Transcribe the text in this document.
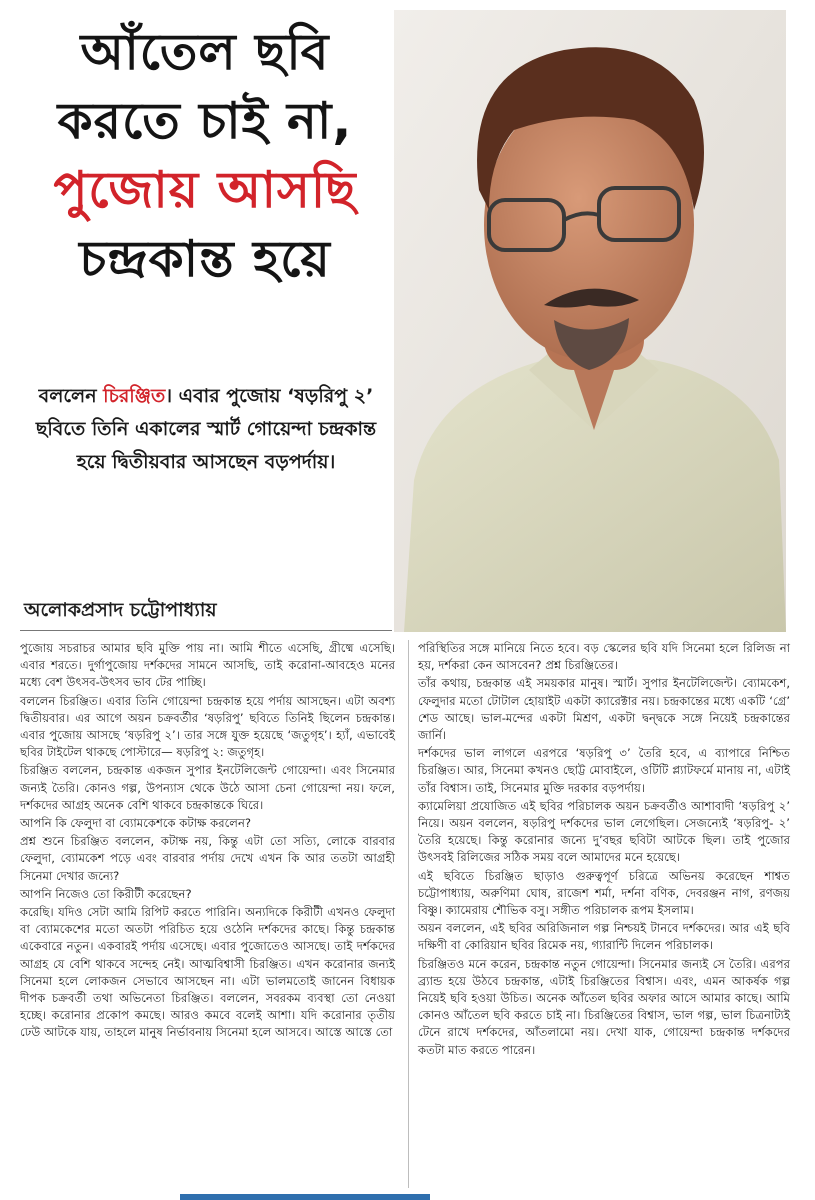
আঁতেল ছবি
করতে চাই না,
পুজোয় আসছি
চন্দ্রকান্ত হয়ে
বললেন চিরঞ্জিত। এবার পুজোয় ‘ষড়রিপু ২’ ছবিতে তিনি একালের স্মার্ট গোয়েন্দা চন্দ্রকান্ত হয়ে দ্বিতীয়বার আসছেন বড়পর্দায়।
অলোকপ্রসাদ চট্টোপাধ্যায়

পুজোয় সচরাচর আমার ছবি মুক্তি পায় না। আমি শীতে এসেছি, গ্রীষ্মে এসেছি। এবার শরতে। দুর্গাপুজোয় দর্শকদের সামনে আসছি, তাই করোনা-আবহেও মনের মধ্যে বেশ উৎসব-উৎসব ভাব টের পাচ্ছি।

বললেন চিরঞ্জিত। এবার তিনি গোয়েন্দা চন্দ্রকান্ত হয়ে পর্দায় আসছেন। এটা অবশ্য দ্বিতীয়বার। এর আগে অয়ন চক্রবর্তীর ‘ষড়রিপু’ ছবিতে তিনিই ছিলেন চন্দ্রকান্ত। এবার পুজোয় আসছে ‘ষড়রিপু ২’। তার সঙ্গে যুক্ত হয়েছে ‘জতুগৃহ’। হ্যাঁ, এভাবেই ছবির টাইটেল থাকছে পোস্টারে— ষড়রিপু ২: জতুগৃহ।

চিরঞ্জিত বললেন, চন্দ্রকান্ত একজন সুপার ইনটেলিজেন্ট গোয়েন্দা। এবং সিনেমার জন্যই তৈরি। কোনও গল্প, উপন্যাস থেকে উঠে আসা চেনা গোয়েন্দা নয়। ফলে, দর্শকদের আগ্রহ অনেক বেশি থাকবে চন্দ্রকান্তকে ঘিরে।

আপনি কি ফেলুদা বা ব্যোমকেশকে কটাক্ষ করলেন?

প্রশ্ন শুনে চিরঞ্জিত বললেন, কটাক্ষ নয়, কিন্তু এটা তো সত্যি, লোকে বারবার ফেলুদা, ব্যোমকেশ পড়ে এবং বারবার পর্দায় দেখে এখন কি আর ততটা আগ্রহী সিনেমা দেখার জন্যে?

আপনি নিজেও তো কিরীটী করেছেন?

করেছি। যদিও সেটা আমি রিপিট করতে পারিনি। অন্যদিকে কিরীটী এখনও ফেলুদা বা ব্যোমকেশের মতো অতটা পরিচিত হয়ে ওঠেনি দর্শকদের কাছে। কিন্তু চন্দ্রকান্ত একেবারে নতুন। একবারই পর্দায় এসেছে। এবার পুজোতেও আসছে। তাই দর্শকদের আগ্রহ যে বেশি থাকবে সন্দেহ নেই। আত্মবিশ্বাসী চিরঞ্জিত। এখন করোনার জন্যই সিনেমা হলে লোকজন সেভাবে আসছেন না। এটা ভালমতোই জানেন বিধায়ক দীপক চক্রবর্তী তথা অভিনেতা চিরঞ্জিত। বললেন, সবরকম ব্যবস্থা তো নেওয়া হচ্ছে। করোনার প্রকোপ কমছে। আরও কমবে বলেই আশা। যদি করোনার তৃতীয় ঢেউ আটকে যায়, তাহলে মানুষ নির্ভাবনায় সিনেমা হলে আসবে। আস্তে আস্তে তো

পরিস্থিতির সঙ্গে মানিয়ে নিতে হবে। বড় স্কেলের ছবি যদি সিনেমা হলে রিলিজ না হয়, দর্শকরা কেন আসবেন? প্রশ্ন চিরঞ্জিতের।

তাঁর কথায়, চন্দ্রকান্ত এই সময়কার মানুষ। স্মার্ট। সুপার ইনটেলিজেন্ট। ব্যোমকেশ, ফেলুদার মতো টোটাল হোয়াইট একটা ক্যারেক্টার নয়। চন্দ্রকান্তের মধ্যে একটি ‘গ্রে’ শেড আছে। ভাল-মন্দের একটা মিশ্রণ, একটা দ্বন্দ্বকে সঙ্গে নিয়েই চন্দ্রকান্তের জার্নি।

দর্শকদের ভাল লাগলে এরপরে ‘ষড়রিপু ৩’ তৈরি হবে, এ ব্যাপারে নিশ্চিত চিরঞ্জিত। আর, সিনেমা কখনও ছোট্ট মোবাইলে, ওটিটি প্ল্যাটফর্মে মানায় না, এটাই তাঁর বিশ্বাস। তাই, সিনেমার মুক্তি দরকার বড়পর্দায়।

ক্যামেলিয়া প্রযোজিত এই ছবির পরিচালক অয়ন চক্রবর্তীও আশাবাদী ‘ষড়রিপু ২’ নিয়ে। অয়ন বললেন, ষড়রিপু দর্শকদের ভাল লেগেছিল। সেজন্যেই ‘ষড়রিপু- ২’ তৈরি হয়েছে। কিন্তু করোনার জন্যে দু’বছর ছবিটা আটকে ছিল। তাই পুজোর উৎসবই রিলিজের সঠিক সময় বলে আমাদের মনে হয়েছে।

এই ছবিতে চিরঞ্জিত ছাড়াও গুরুত্বপূর্ণ চরিত্রে অভিনয় করেছেন শাশ্বত চট্টোপাধ্যায়, অরুণিমা ঘোষ, রাজেশ শর্মা, দর্শনা বণিক, দেবরঞ্জন নাগ, রণজয় বিষ্ণু। ক্যামেরায় শৌভিক বসু। সঙ্গীত পরিচালক রূপম ইসলাম।

অয়ন বললেন, এই ছবির অরিজিনাল গল্প নিশ্চয়ই টানবে দর্শকদের। আর এই ছবি দক্ষিণী বা কোরিয়ান ছবির রিমেক নয়, গ্যারান্টি দিলেন পরিচালক।

চিরঞ্জিতও মনে করেন, চন্দ্রকান্ত নতুন গোয়েন্দা। সিনেমার জন্যই সে তৈরি। এরপর ব্র্যান্ড হয়ে উঠবে চন্দ্রকান্ত, এটাই চিরঞ্জিতের বিশ্বাস। এবং, এমন আকর্ষক গল্প নিয়েই ছবি হওয়া উচিত। অনেক আঁতেল ছবির অফার আসে আমার কাছে। আমি কোনও আঁতেল ছবি করতে চাই না। চিরঞ্জিতের বিশ্বাস, ভাল গল্প, ভাল চিত্রনাট্যই টেনে রাখে দর্শকদের, আঁতলামো নয়। দেখা যাক, গোয়েন্দা চন্দ্রকান্ত দর্শকদের কতটা মাত করতে পারেন।
